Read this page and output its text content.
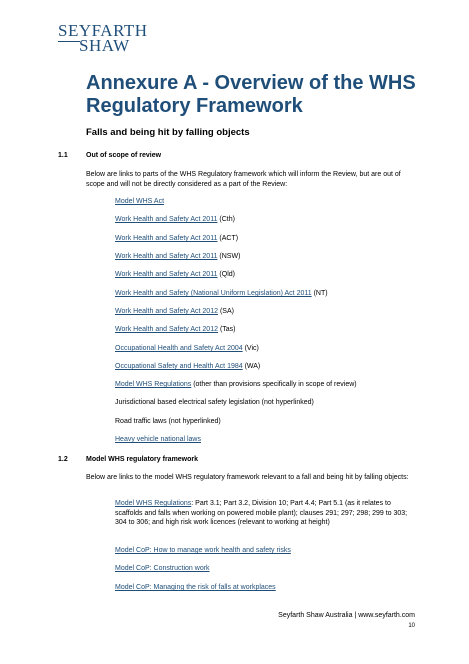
SEYFARTH
SHAW
Annexure A - Overview of the WHS Regulatory Framework
Falls and being hit by falling objects
1.1	Out of scope of review

Below are links to parts of the WHS Regulatory framework which will inform the Review, but are out of scope and will not be directly considered as a part of the Review:

Model WHS Act
Work Health and Safety Act 2011 (Cth)
Work Health and Safety Act 2011 (ACT)
Work Health and Safety Act 2011 (NSW)
Work Health and Safety Act 2011 (Qld)
Work Health and Safety (National Uniform Legislation) Act 2011 (NT)
Work Health and Safety Act 2012 (SA)
Work Health and Safety Act 2012 (Tas)
Occupational Health and Safety Act 2004 (Vic)
Occupational Safety and Health Act 1984 (WA)
Model WHS Regulations (other than provisions specifically in scope of review)
Jurisdictional based electrical safety legislation (not hyperlinked)
Road traffic laws (not hyperlinked)
Heavy vehicle national laws
1.2	Model WHS regulatory framework

Below are links to the model WHS regulatory framework relevant to a fall and being hit by falling objects:

Model WHS Regulations: Part 3.1; Part 3.2, Division 10; Part 4.4; Part 5.1 (as it relates to scaffolds and falls when working on powered mobile plant); clauses 291; 297; 298; 299 to 303; 304 to 306; and high risk work licences (relevant to working at height)
Model CoP: How to manage work health and safety risks
Model CoP: Construction work
Model CoP: Managing the risk of falls at workplaces
Seyfarth Shaw Australia | www.seyfarth.com
10
